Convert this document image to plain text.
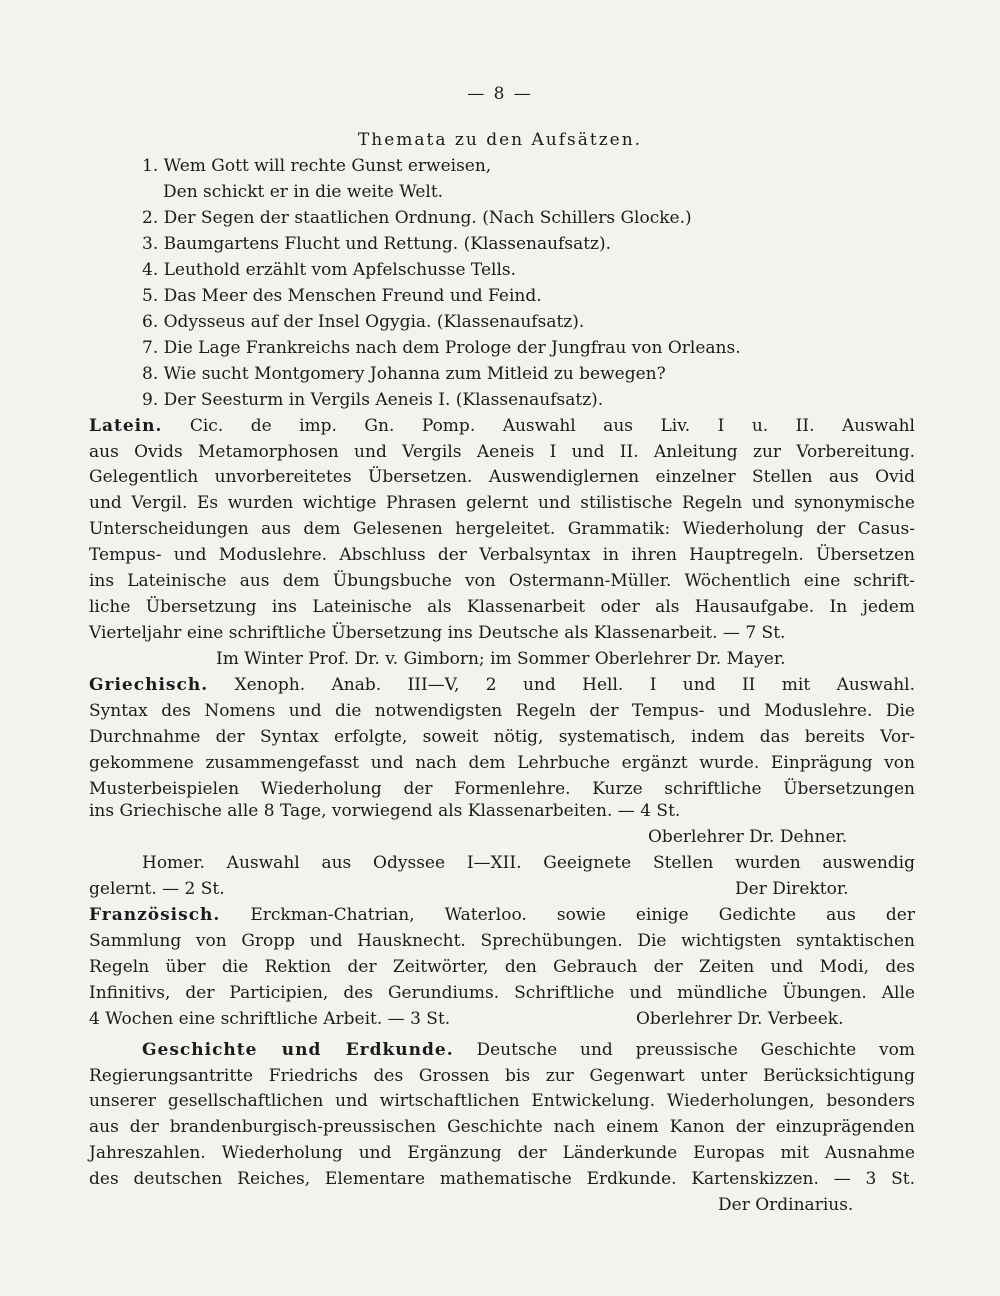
— 8 —
Themata zu den Aufsätzen.
1. Wem Gott will rechte Gunst erweisen,
Den schickt er in die weite Welt.
2. Der Segen der staatlichen Ordnung. (Nach Schillers Glocke.)
3. Baumgartens Flucht und Rettung. (Klassenaufsatz).
4. Leuthold erzählt vom Apfelschusse Tells.
5. Das Meer des Menschen Freund und Feind.
6. Odysseus auf der Insel Ogygia. (Klassenaufsatz).
7. Die Lage Frankreichs nach dem Prologe der Jungfrau von Orleans.
8. Wie sucht Montgomery Johanna zum Mitleid zu bewegen?
9. Der Seesturm in Vergils Aeneis I. (Klassenaufsatz).
Latein. Cic. de imp. Gn. Pomp. Auswahl aus Liv. I u. II. Auswahl
aus Ovids Metamorphosen und Vergils Aeneis I und II. Anleitung zur Vorbereitung.
Gelegentlich unvorbereitetes Übersetzen. Auswendiglernen einzelner Stellen aus Ovid
und Vergil. Es wurden wichtige Phrasen gelernt und stilistische Regeln und synonymische
Unterscheidungen aus dem Gelesenen hergeleitet. Grammatik: Wiederholung der Casus-
Tempus- und Moduslehre. Abschluss der Verbalsyntax in ihren Hauptregeln. Übersetzen
ins Lateinische aus dem Übungsbuche von Ostermann-Müller. Wöchentlich eine schrift-
liche Übersetzung ins Lateinische als Klassenarbeit oder als Hausaufgabe. In jedem
Vierteljahr eine schriftliche Übersetzung ins Deutsche als Klassenarbeit. — 7 St.
Im Winter Prof. Dr. v. Gimborn; im Sommer Oberlehrer Dr. Mayer.
Griechisch. Xenoph. Anab. III—V, 2 und Hell. I und II mit Auswahl.
Syntax des Nomens und die notwendigsten Regeln der Tempus- und Moduslehre. Die
Durchnahme der Syntax erfolgte, soweit nötig, systematisch, indem das bereits Vor-
gekommene zusammengefasst und nach dem Lehrbuche ergänzt wurde. Einprägung von
Musterbeispielen Wiederholung der Formenlehre. Kurze schriftliche Übersetzungen
ins Griechische alle 8 Tage, vorwiegend als Klassenarbeiten. — 4 St.
Oberlehrer Dr. Dehner.
Homer. Auswahl aus Odyssee I—XII. Geeignete Stellen wurden auswendig
gelernt. — 2 St.	Der Direktor.
Französisch. Erckman-Chatrian, Waterloo. sowie einige Gedichte aus der
Sammlung von Gropp und Hausknecht. Sprechübungen. Die wichtigsten syntaktischen
Regeln über die Rektion der Zeitwörter, den Gebrauch der Zeiten und Modi, des
Infinitivs, der Participien, des Gerundiums. Schriftliche und mündliche Übungen. Alle
4 Wochen eine schriftliche Arbeit. — 3 St.	Oberlehrer Dr. Verbeek.
Geschichte und Erdkunde. Deutsche und preussische Geschichte vom
Regierungsantritte Friedrichs des Grossen bis zur Gegenwart unter Berücksichtigung
unserer gesellschaftlichen und wirtschaftlichen Entwickelung. Wiederholungen, besonders
aus der brandenburgisch-preussischen Geschichte nach einem Kanon der einzuprägenden
Jahreszahlen. Wiederholung und Ergänzung der Länderkunde Europas mit Ausnahme
des deutschen Reiches, Elementare mathematische Erdkunde. Kartenskizzen. — 3 St.
Der Ordinarius.
